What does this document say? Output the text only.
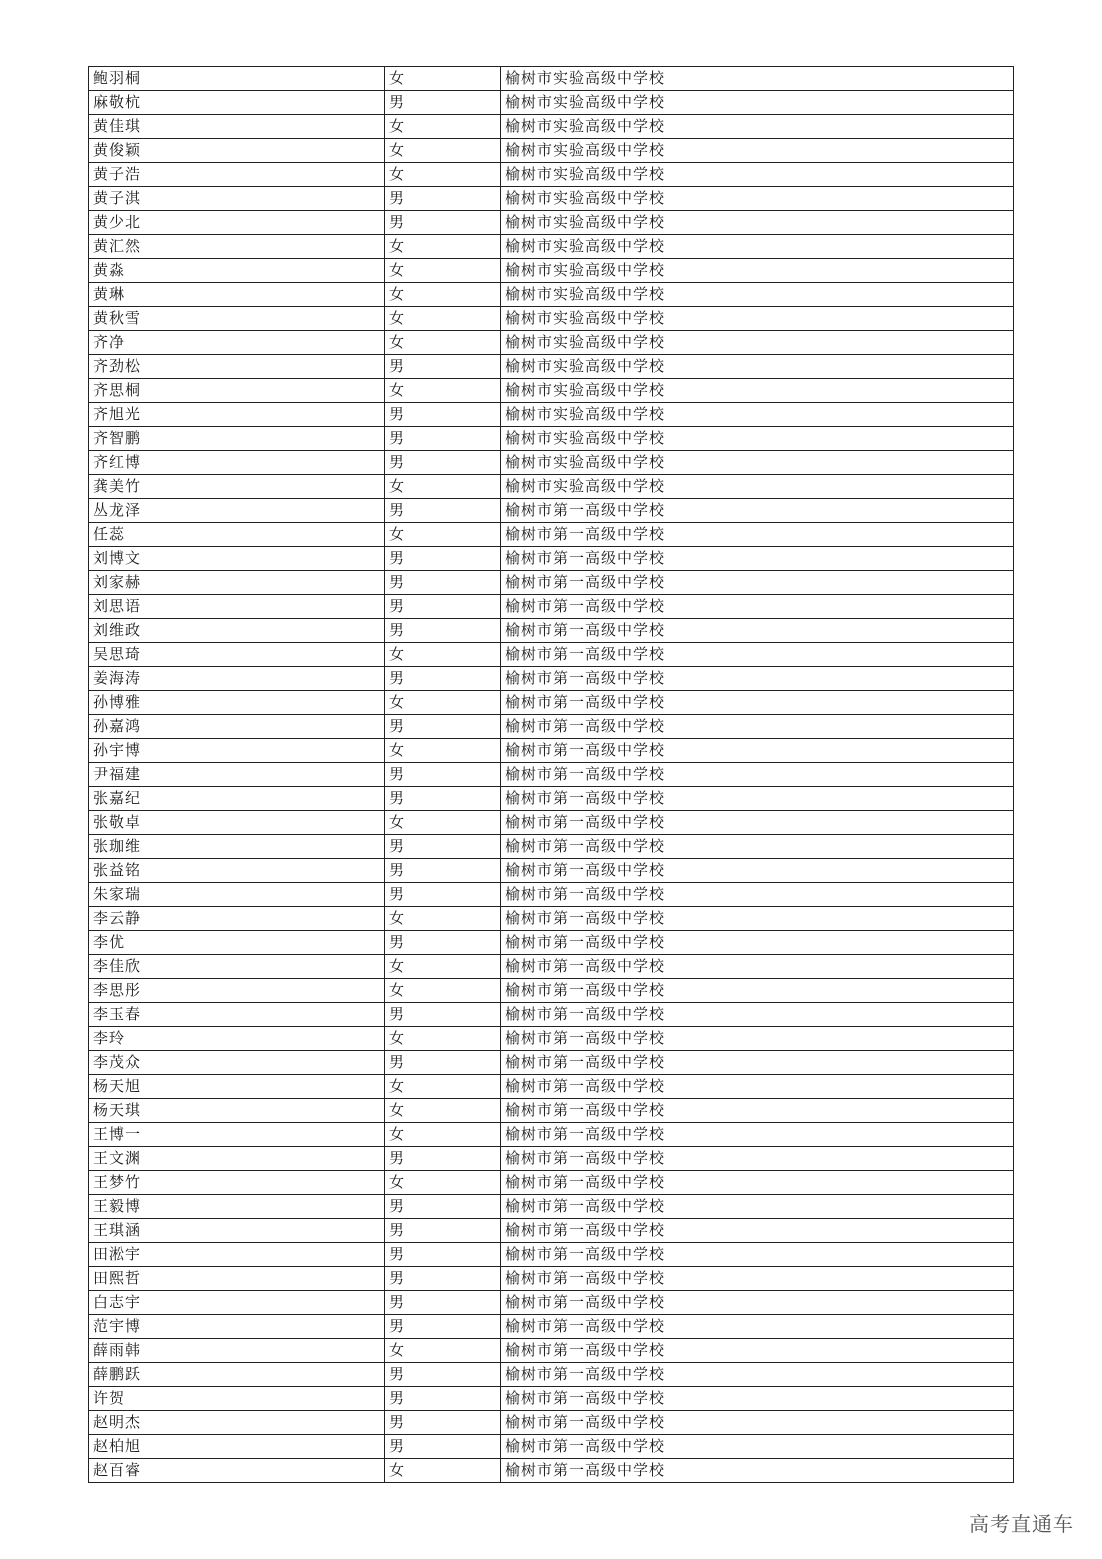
鲍羽桐	女	榆树市实验高级中学校
麻敬杭	男	榆树市实验高级中学校
黄佳琪	女	榆树市实验高级中学校
黄俊颖	女	榆树市实验高级中学校
黄子浩	女	榆树市实验高级中学校
黄子淇	男	榆树市实验高级中学校
黄少北	男	榆树市实验高级中学校
黄汇然	女	榆树市实验高级中学校
黄淼	女	榆树市实验高级中学校
黄琳	女	榆树市实验高级中学校
黄秋雪	女	榆树市实验高级中学校
齐净	女	榆树市实验高级中学校
齐劲松	男	榆树市实验高级中学校
齐思桐	女	榆树市实验高级中学校
齐旭光	男	榆树市实验高级中学校
齐智鹏	男	榆树市实验高级中学校
齐红博	男	榆树市实验高级中学校
龚美竹	女	榆树市实验高级中学校
丛龙泽	男	榆树市第一高级中学校
任蕊	女	榆树市第一高级中学校
刘博文	男	榆树市第一高级中学校
刘家赫	男	榆树市第一高级中学校
刘思语	男	榆树市第一高级中学校
刘维政	男	榆树市第一高级中学校
吴思琦	女	榆树市第一高级中学校
姜海涛	男	榆树市第一高级中学校
孙博雅	女	榆树市第一高级中学校
孙嘉鸿	男	榆树市第一高级中学校
孙宇博	女	榆树市第一高级中学校
尹福建	男	榆树市第一高级中学校
张嘉纪	男	榆树市第一高级中学校
张敬卓	女	榆树市第一高级中学校
张珈维	男	榆树市第一高级中学校
张益铭	男	榆树市第一高级中学校
朱家瑞	男	榆树市第一高级中学校
李云静	女	榆树市第一高级中学校
李优	男	榆树市第一高级中学校
李佳欣	女	榆树市第一高级中学校
李思彤	女	榆树市第一高级中学校
李玉春	男	榆树市第一高级中学校
李玲	女	榆树市第一高级中学校
李茂众	男	榆树市第一高级中学校
杨天旭	女	榆树市第一高级中学校
杨天琪	女	榆树市第一高级中学校
王博一	女	榆树市第一高级中学校
王文渊	男	榆树市第一高级中学校
王梦竹	女	榆树市第一高级中学校
王毅博	男	榆树市第一高级中学校
王琪涵	男	榆树市第一高级中学校
田淞宇	男	榆树市第一高级中学校
田熙哲	男	榆树市第一高级中学校
白志宇	男	榆树市第一高级中学校
范宇博	男	榆树市第一高级中学校
薛雨韩	女	榆树市第一高级中学校
薛鹏跃	男	榆树市第一高级中学校
许贺	男	榆树市第一高级中学校
赵明杰	男	榆树市第一高级中学校
赵柏旭	男	榆树市第一高级中学校
赵百睿	女	榆树市第一高级中学校
高考直通车
